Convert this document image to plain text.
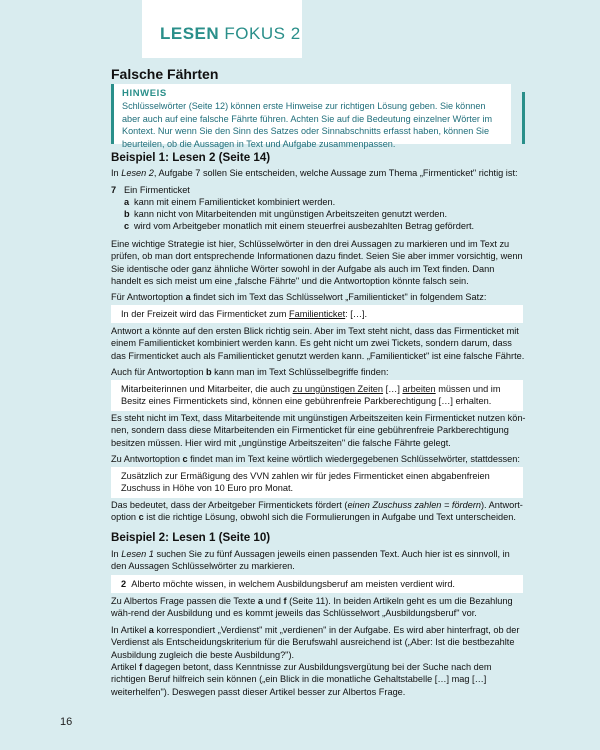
LESEN FOKUS 2
Falsche Fährten
HINWEIS
Schlüsselwörter (Seite 12) können erste Hinweise zur richtigen Lösung geben. Sie können aber auch auf eine falsche Fährte führen. Achten Sie auf die Bedeutung einzelner Wörter im Kontext. Nur wenn Sie den Sinn des Satzes oder Sinnabschnitts erfasst haben, können Sie beurteilen, ob die Aussagen in Text und Aufgabe zusammenpassen.
Beispiel 1: Lesen 2 (Seite 14)
In Lesen 2, Aufgabe 7 sollen Sie entscheiden, welche Aussage zum Thema „Firmenticket" richtig ist:
7 Ein Firmenticket
a kann mit einem Familienticket kombiniert werden.
b kann nicht von Mitarbeitenden mit ungünstigen Arbeitszeiten genutzt werden.
c wird vom Arbeitgeber monatlich mit einem steuerfrei ausbezahlten Betrag gefördert.
Eine wichtige Strategie ist hier, Schlüsselwörter in den drei Aussagen zu markieren und im Text zu prüfen, ob man dort entsprechende Informationen dazu findet. Seien Sie aber immer vorsichtig, wenn Sie identische oder ganz ähnliche Wörter sowohl in der Aufgabe als auch im Text finden. Dann handelt es sich meist um eine „falsche Fährte" und die Antwortoption könnte falsch sein.
Für Antwortoption a findet sich im Text das Schlüsselwort „Familienticket" in folgendem Satz:
In der Freizeit wird das Firmenticket zum Familienticket: […].
Antwort a könnte auf den ersten Blick richtig sein. Aber im Text steht nicht, dass das Firmenticket mit einem Familienticket kombiniert werden kann. Es geht nicht um zwei Tickets, sondern darum, dass das Firmenticket auch als Familienticket genutzt werden kann. „Familienticket" ist eine falsche Fährte.
Auch für Antwortoption b kann man im Text Schlüsselbegriffe finden:
Mitarbeiterinnen und Mitarbeiter, die auch zu ungünstigen Zeiten […] arbeiten müssen und im Besitz eines Firmentickets sind, können eine gebührenfreie Parkberechtigung […] erhalten.
Es steht nicht im Text, dass Mitarbeitende mit ungünstigen Arbeitszeiten kein Firmenticket nutzen kön-nen, sondern dass diese Mitarbeitenden ein Firmenticket für eine gebührenfreie Parkberechtigung besitzen müssen. Hier wird mit „ungünstige Arbeitszeiten" die falsche Fährte gelegt.
Zu Antwortoption c findet man im Text keine wörtlich wiedergegebenen Schlüsselwörter, stattdessen:
Zusätzlich zur Ermäßigung des VVN zahlen wir für jedes Firmenticket einen abgabenfreien Zuschuss in Höhe von 10 Euro pro Monat.
Das bedeutet, dass der Arbeitgeber Firmentickets fördert (einen Zuschuss zahlen = fördern). Antwort-option c ist die richtige Lösung, obwohl sich die Formulierungen in Aufgabe und Text unterscheiden.
Beispiel 2: Lesen 1 (Seite 10)
In Lesen 1 suchen Sie zu fünf Aussagen jeweils einen passenden Text. Auch hier ist es sinnvoll, in den Aussagen Schlüsselwörter zu markieren.
2 Alberto möchte wissen, in welchem Ausbildungsberuf am meisten verdient wird.
Zu Albertos Frage passen die Texte a und f (Seite 11). In beiden Artikeln geht es um die Bezahlung wäh-rend der Ausbildung und es kommt jeweils das Schlüsselwort „Ausbildungsberuf" vor.
In Artikel a korrespondiert „Verdienst" mit „verdienen" in der Aufgabe. Es wird aber hinterfragt, ob der Verdienst als Entscheidungskriterium für die Berufswahl ausreichend ist („Aber: Ist die bestbezahlte Ausbildung zugleich die beste Ausbildung?").
Artikel f dagegen betont, dass Kenntnisse zur Ausbildungsvergütung bei der Suche nach dem richtigen Beruf hilfreich sein können („ein Blick in die monatliche Gehaltstabelle […] mag […] weiterhelfen"). Deswegen passt dieser Artikel besser zur Albertos Frage.
16
